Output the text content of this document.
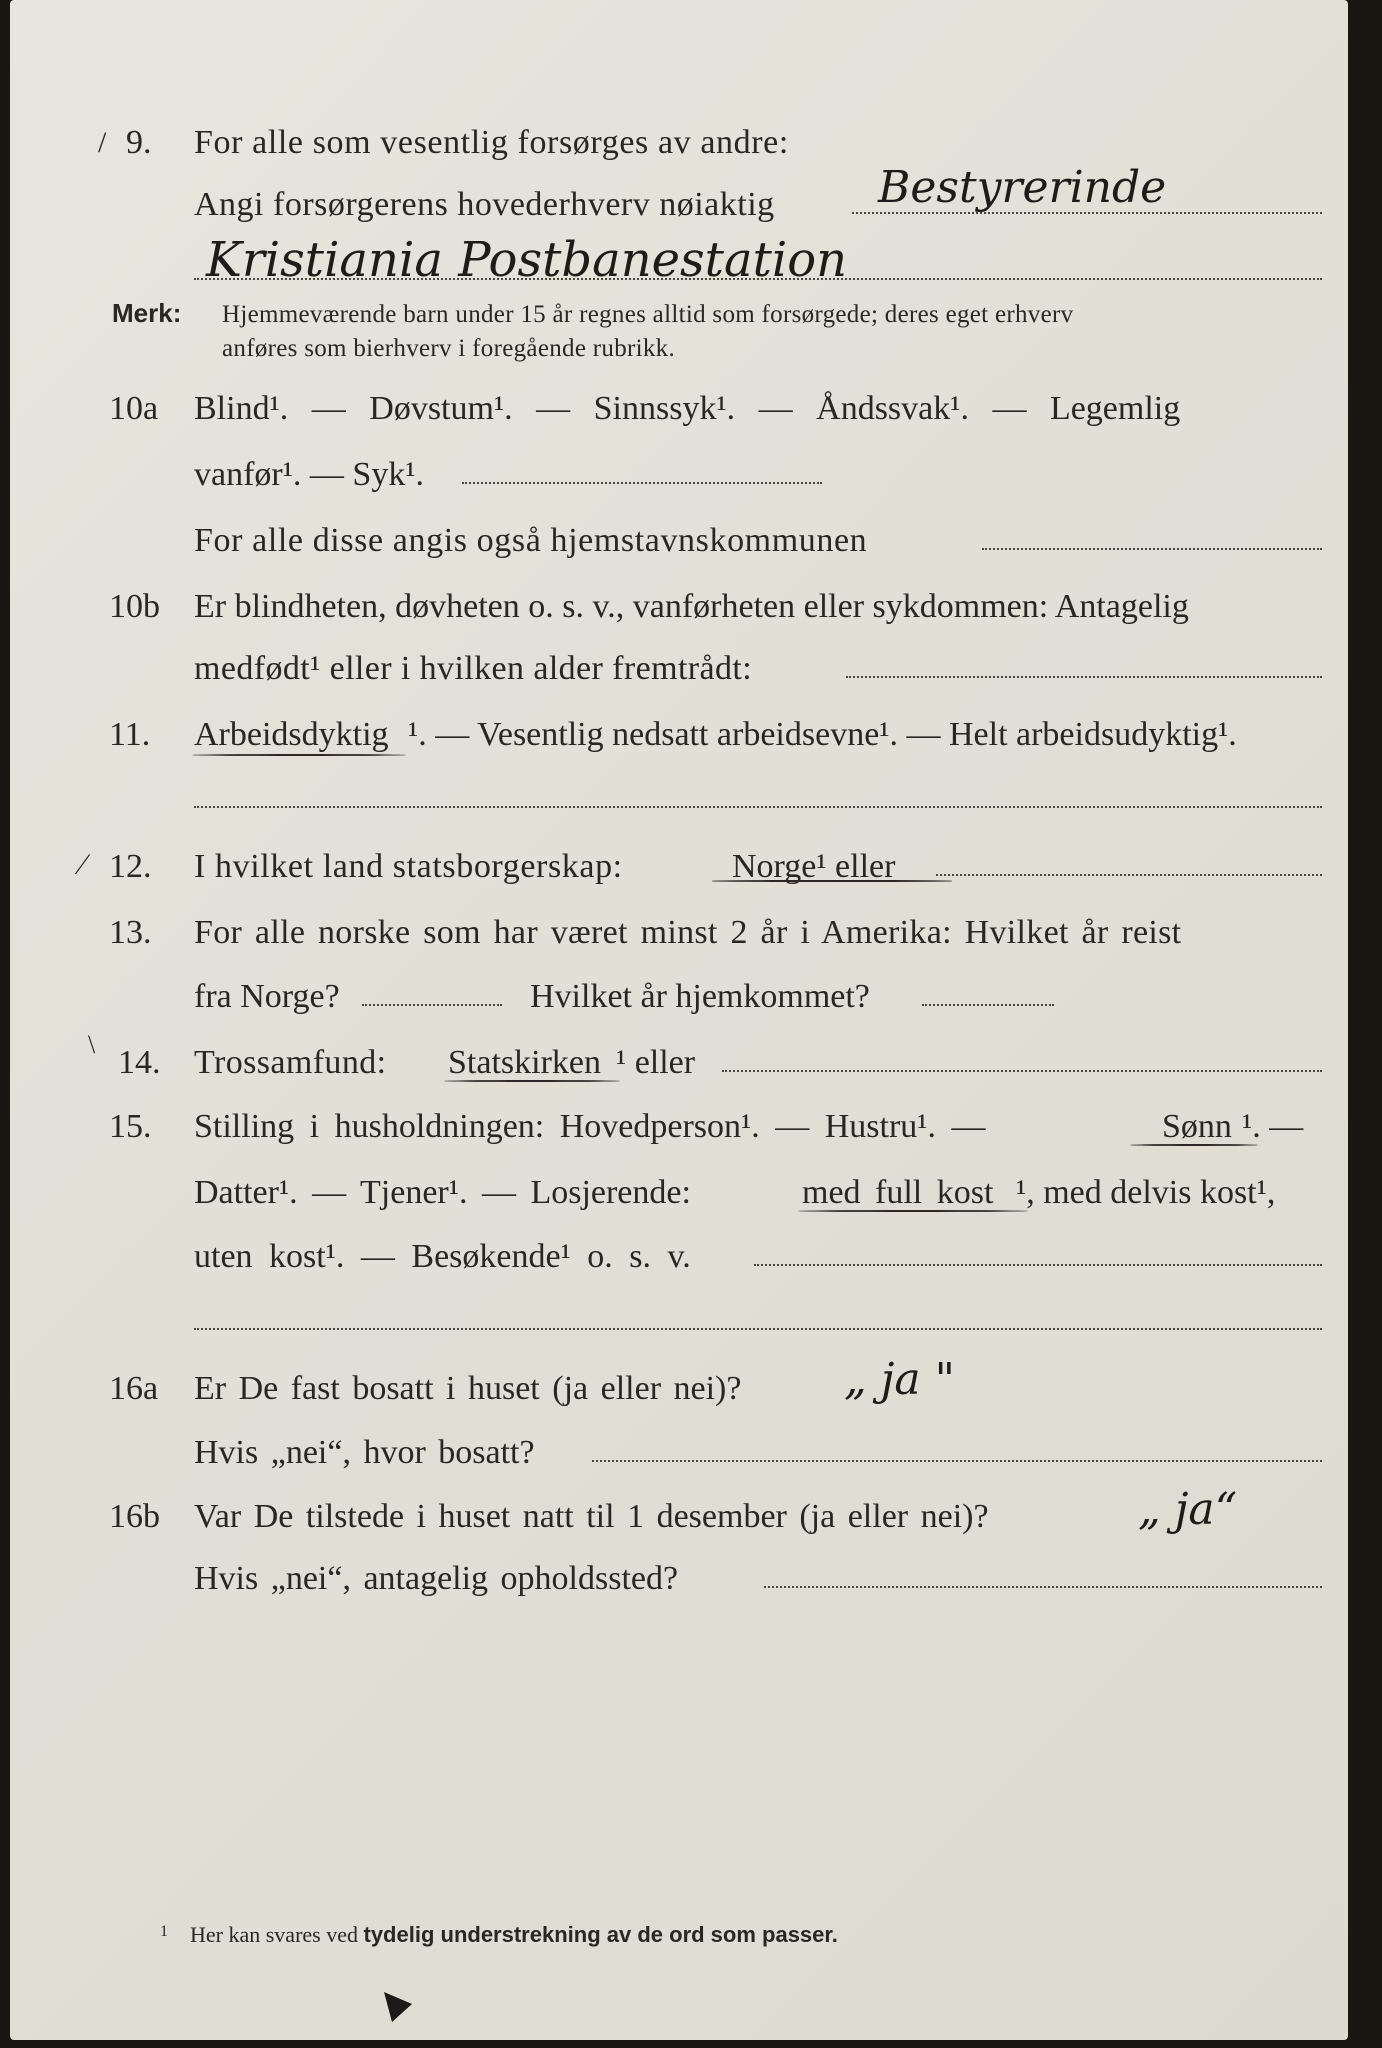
/ 9. For alle som vesentlig forsørges av andre:
Angi forsørgerens hovederhverv nøiaktig Bestyrerinde
Kristiania Postbanestation
Merk: Hjemmeværende barn under 15 år regnes alltid som forsørgede; deres eget erhverv
anføres som bierhverv i foregående rubrikk.
10a Blind¹. — Døvstum¹. — Sinnssyk¹. — Åndssvak¹. — Legemlig
vanfør¹. — Syk¹.
For alle disse angis også hjemstavnskommunen
10b Er blindheten, døvheten o. s. v., vanførheten eller sykdommen: Antagelig
medfødt¹ eller i hvilken alder fremtrådt:
11. Arbeidsdyktig ¹. — Vesentlig nedsatt arbeidsevne¹. — Helt arbeidsudyktig¹.
⁄ 12. I hvilket land statsborgerskap:	Norge¹ eller
13. For alle norske som har været minst 2 år i Amerika: Hvilket år reist
fra Norge?	Hvilket år hjemkommet?
\ 14. Trossamfund: Statskirken ¹ eller
15. Stilling i husholdningen: Hovedperson¹. — Hustru¹. —	Sønn ¹. —
Datter¹. — Tjener¹. — Losjerende:	med full kost ¹, med delvis kost¹,
uten kost¹. — Besøkende¹ o. s. v.
16a Er De fast bosatt i huset (ja eller nei)? „ ja "
Hvis „nei“, hvor bosatt?
16b Var De tilstede i huset natt til 1 desember (ja eller nei)?	„ ja“
Hvis „nei“, antagelig opholdssted?
1 Her kan svares ved tydelig understrekning av de ord som passer.
